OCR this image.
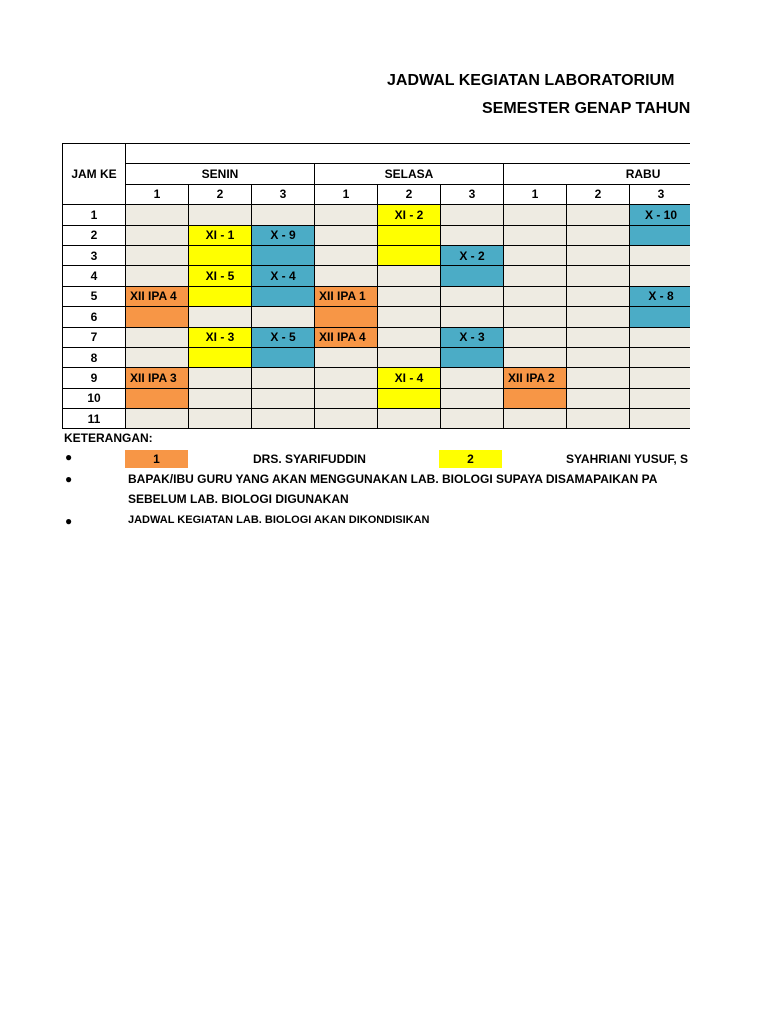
JADWAL KEGIATAN LABORATORIUM
SEMESTER GENAP TAHUN
JAM KE	
	SENIN			SELASA			RABU			
	1	2	3	1	2	3	1	2	3	
1					XI - 2				X - 10	
2		XI - 1	X - 9							
3						X - 2				
4		XI - 5	X - 4							
5	XII IPA 4			XII IPA 1					X - 8	
6										
7		XI - 3	X - 5	XII IPA 4		X - 3				
8										
9	XII IPA 3				XI - 4		XII IPA 2			
10										
11										
KETERANGAN:
●	1	DRS. SYARIFUDDIN	2	SYAHRIANI YUSUF, S
●	BAPAK/IBU GURU YANG AKAN MENGGUNAKAN LAB. BIOLOGI SUPAYA DISAMAPAIKAN PA
SEBELUM LAB. BIOLOGI DIGUNAKAN
●	JADWAL KEGIATAN LAB. BIOLOGI AKAN DIKONDISIKAN
